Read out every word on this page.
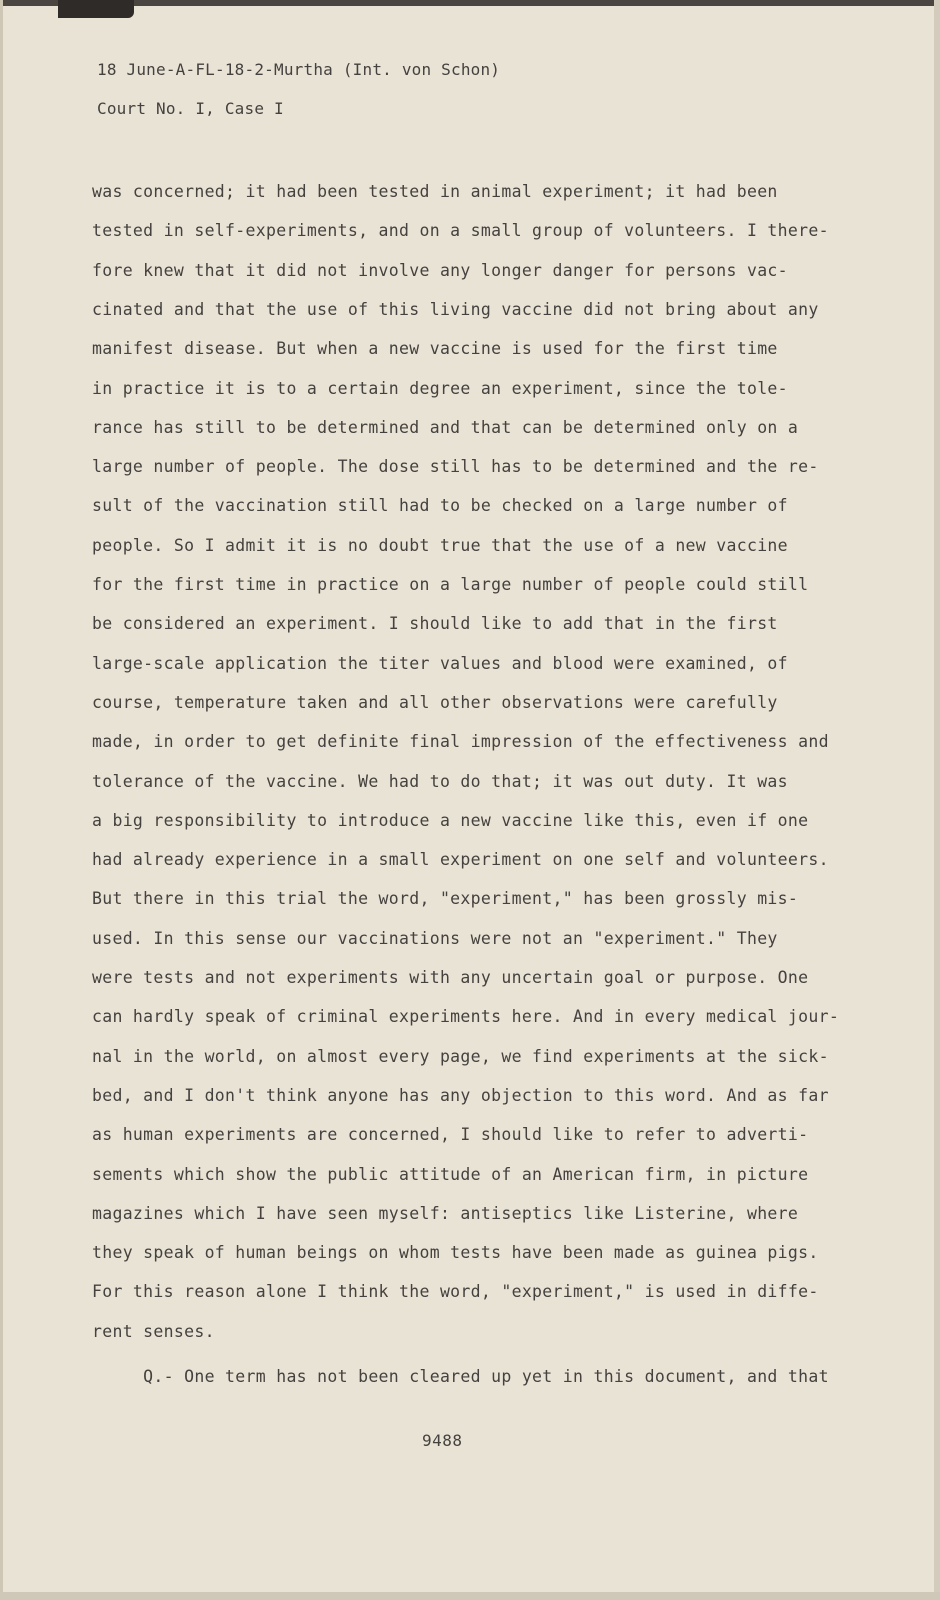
18 June-A-FL-18-2-Murtha (Int. von Schon)
Court No. I, Case I
was concerned; it had been tested in animal experiment; it had been
tested in self-experiments, and on a small group of volunteers. I there-
fore knew that it did not involve any longer danger for persons vac-
cinated and that the use of this living vaccine did not bring about any
manifest disease. But when a new vaccine is used for the first time
in practice it is to a certain degree an experiment, since the tole-
rance has still to be determined and that can be determined only on a
large number of people. The dose still has to be determined and the re-
sult of the vaccination still had to be checked on a large number of
people. So I admit it is no doubt true that the use of a new vaccine
for the first time in practice on a large number of people could still
be considered an experiment. I should like to add that in the first
large-scale application the titer values and blood were examined, of
course, temperature taken and all other observations were carefully
made, in order to get definite final impression of the effectiveness and
tolerance of the vaccine. We had to do that; it was out duty. It was
a big responsibility to introduce a new vaccine like this, even if one
had already experience in a small experiment on one self and volunteers.
But there in this trial the word, "experiment," has been grossly mis-
used. In this sense our vaccinations were not an "experiment." They
were tests and not experiments with any uncertain goal or purpose. One
can hardly speak of criminal experiments here. And in every medical jour-
nal in the world, on almost every page, we find experiments at the sick-
bed, and I don't think anyone has any objection to this word. And as far
as human experiments are concerned, I should like to refer to adverti-
sements which show the public attitude of an American firm, in picture
magazines which I have seen myself: antiseptics like Listerine, where
they speak of human beings on whom tests have been made as guinea pigs.
For this reason alone I think the word, "experiment," is used in diffe-
rent senses.
Q.- One term has not been cleared up yet in this document, and that
9488
